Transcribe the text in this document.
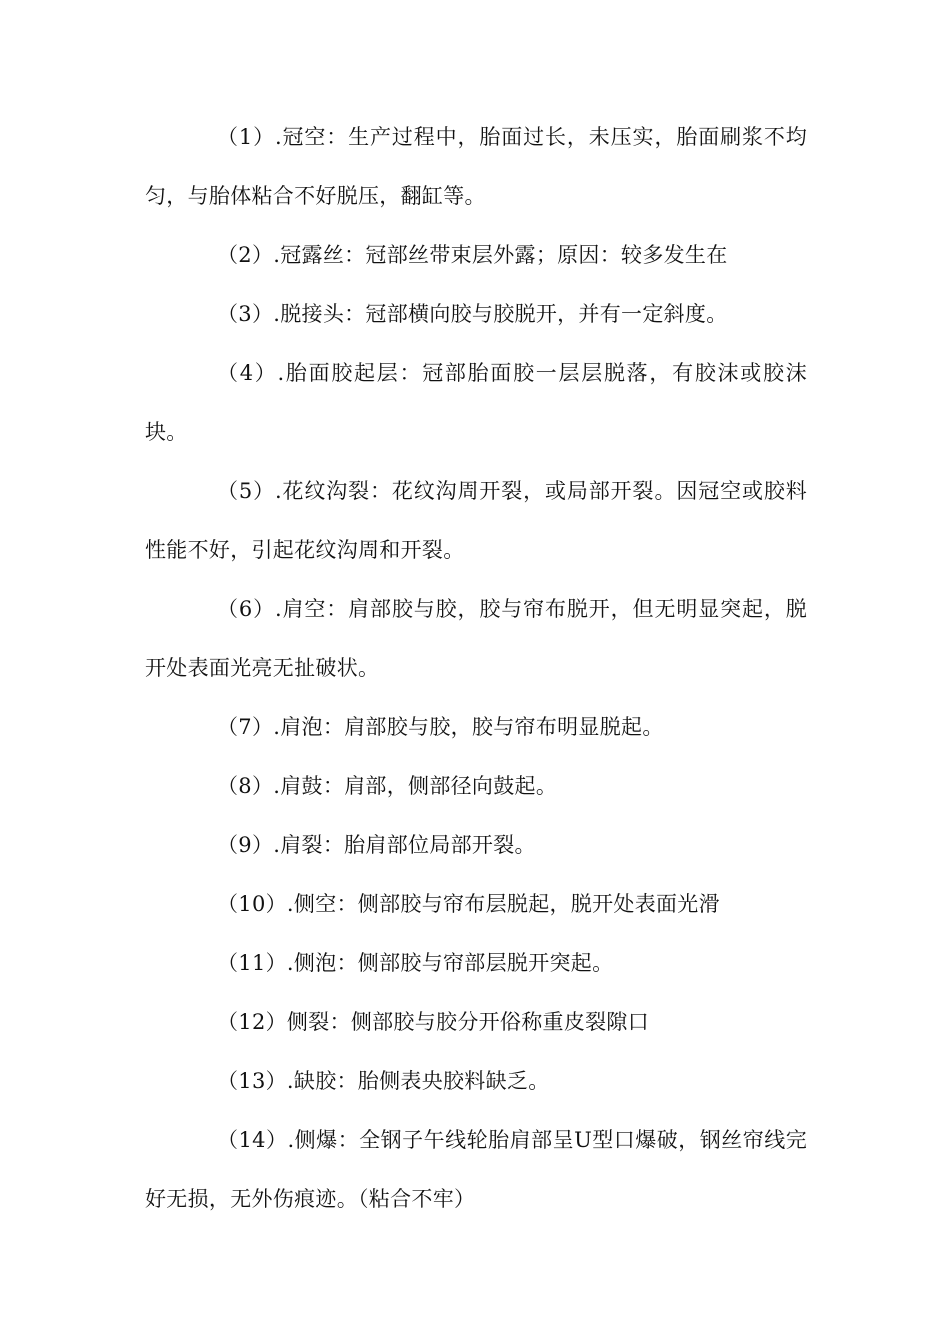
（1）.冠空：生产过程中，胎面过长，未压实，胎面刷浆不均匀，与胎体粘合不好脱压，翻缸等。

（2）.冠露丝：冠部丝带束层外露；原因：较多发生在

（3）.脱接头：冠部横向胶与胶脱开，并有一定斜度。

（4）.胎面胶起层：冠部胎面胶一层层脱落，有胶沫或胶沫块。

（5）.花纹沟裂：花纹沟周开裂，或局部开裂。因冠空或胶料性能不好，引起花纹沟周和开裂。

（6）.肩空：肩部胶与胶，胶与帘布脱开，但无明显突起，脱开处表面光亮无扯破状。

（7）.肩泡：肩部胶与胶，胶与帘布明显脱起。

（8）.肩鼓：肩部，侧部径向鼓起。

（9）.肩裂：胎肩部位局部开裂。

（10）.侧空：侧部胶与帘布层脱起，脱开处表面光滑

（11）.侧泡：侧部胶与帘部层脱开突起。

（12）侧裂：侧部胶与胶分开俗称重皮裂隙口

（13）.缺胶：胎侧表央胶料缺乏。

（14）.侧爆：全钢子午线轮胎肩部呈U型口爆破，钢丝帘线完好无损，无外伤痕迹。（粘合不牢）
